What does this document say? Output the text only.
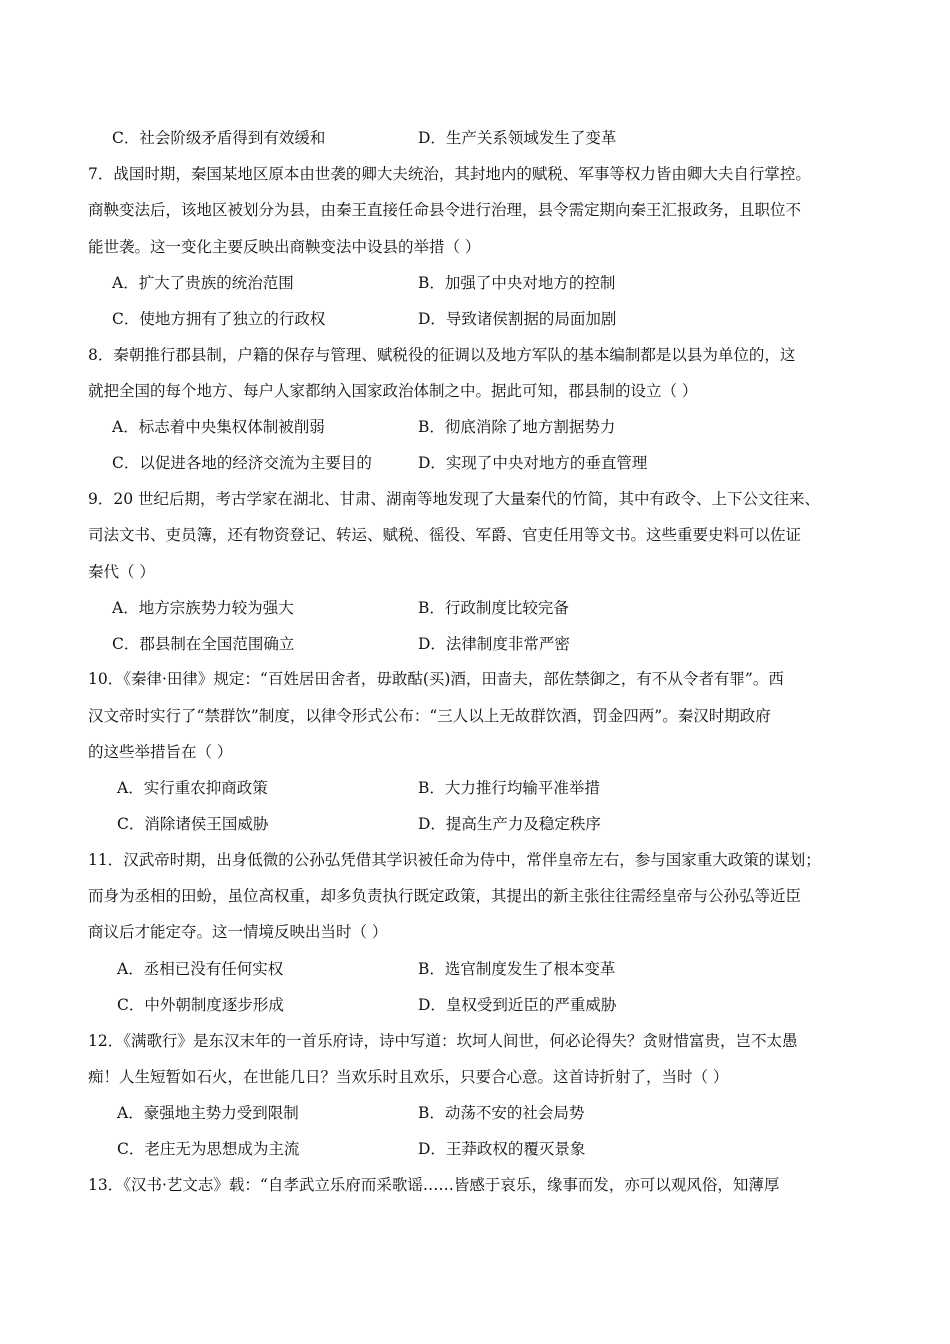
C．社会阶级矛盾得到有效缓和	D．生产关系领域发生了变革
7．战国时期，秦国某地区原本由世袭的卿大夫统治，其封地内的赋税、军事等权力皆由卿大夫自行掌控。
商鞅变法后，该地区被划分为县，由秦王直接任命县令进行治理，县令需定期向秦王汇报政务，且职位不
能世袭。这一变化主要反映出商鞅变法中设县的举措（ ）
A．扩大了贵族的统治范围	B．加强了中央对地方的控制
C．使地方拥有了独立的行政权	D．导致诸侯割据的局面加剧
8．秦朝推行郡县制，户籍的保存与管理、赋税役的征调以及地方军队的基本编制都是以县为单位的，这
就把全国的每个地方、每户人家都纳入国家政治体制之中。据此可知，郡县制的设立（ ）
A．标志着中央集权体制被削弱	B．彻底消除了地方割据势力
C．以促进各地的经济交流为主要目的	D．实现了中央对地方的垂直管理
9．20 世纪后期，考古学家在湖北、甘肃、湖南等地发现了大量秦代的竹简，其中有政令、上下公文往来、
司法文书、吏员簿，还有物资登记、转运、赋税、徭役、军爵、官吏任用等文书。这些重要史料可以佐证
秦代（ ）
A．地方宗族势力较为强大	B．行政制度比较完备
C．郡县制在全国范围确立	D．法律制度非常严密
10．《秦律·田律》规定：“百姓居田舍者，毋敢酤(买)酒，田啬夫，部佐禁御之，有不从令者有罪”。西
汉文帝时实行了“禁群饮”制度，以律令形式公布：“三人以上无故群饮酒，罚金四两”。秦汉时期政府
的这些举措旨在（ ）
A．实行重农抑商政策	B．大力推行均输平准举措
C．消除诸侯王国威胁	D．提高生产力及稳定秩序
11．汉武帝时期，出身低微的公孙弘凭借其学识被任命为侍中，常伴皇帝左右，参与国家重大政策的谋划；
而身为丞相的田蚡，虽位高权重，却多负责执行既定政策，其提出的新主张往往需经皇帝与公孙弘等近臣
商议后才能定夺。这一情境反映出当时（ ）
A．丞相已没有任何实权	B．选官制度发生了根本变革
C．中外朝制度逐步形成	D．皇权受到近臣的严重威胁
12．《满歌行》是东汉末年的一首乐府诗，诗中写道：坎坷人间世，何必论得失？贪财惜富贵，岂不太愚
痴！人生短暂如石火，在世能几日？当欢乐时且欢乐，只要合心意。这首诗折射了，当时（ ）
A．豪强地主势力受到限制	B．动荡不安的社会局势
C．老庄无为思想成为主流	D．王莽政权的覆灭景象
13．《汉书·艺文志》载：“自孝武立乐府而采歌谣……皆感于哀乐，缘事而发，亦可以观风俗，知薄厚
